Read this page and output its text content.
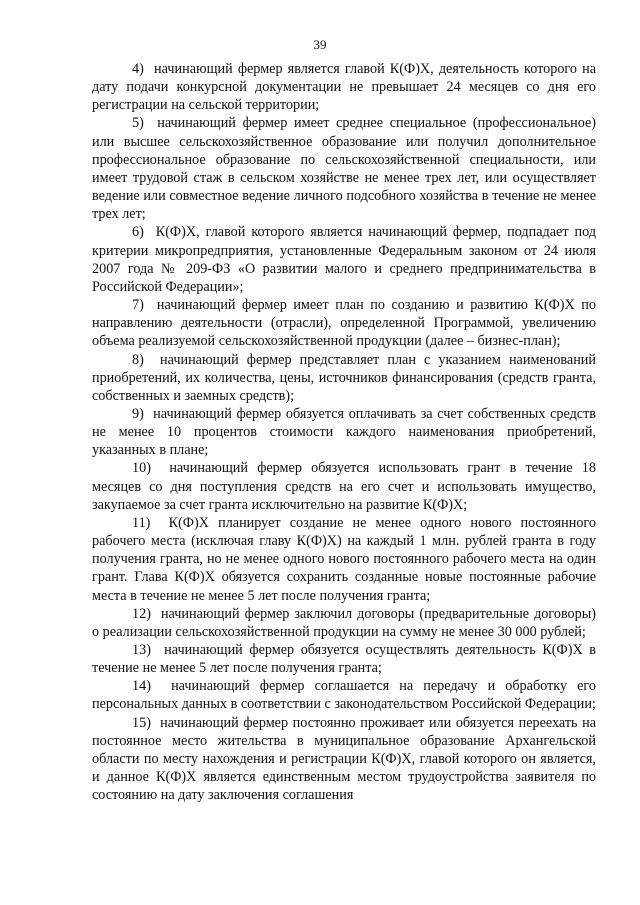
39

4)  начинающий фермер является главой К(Ф)Х, деятельность которого на дату подачи конкурсной документации не превышает 24 месяцев со дня его регистрации на сельской территории;

5)  начинающий фермер имеет среднее специальное (профессиональное) или высшее сельскохозяйственное образование или получил дополнительное профессиональное образование по сельскохозяйственной специальности, или имеет трудовой стаж в сельском хозяйстве не менее трех лет, или осуществляет ведение или совместное ведение личного подсобного хозяйства в течение не менее трех лет;

6)  К(Ф)Х, главой которого является начинающий фермер, подпадает под критерии микропредприятия, установленные Федеральным законом от 24 июля 2007 года № 209-ФЗ «О развитии малого и среднего предпринимательства в Российской Федерации»;

7)  начинающий фермер имеет план по созданию и развитию К(Ф)Х по направлению деятельности (отрасли), определенной Программой, увеличению объема реализуемой сельскохозяйственной продукции (далее – бизнес-план);

8)  начинающий фермер представляет план с указанием наименований приобретений, их количества, цены, источников финансирования (средств гранта, собственных и заемных средств);

9)  начинающий фермер обязуется оплачивать за счет собственных средств не менее 10 процентов стоимости каждого наименования приобретений, указанных в плане;

10)  начинающий фермер обязуется использовать грант в течение 18 месяцев со дня поступления средств на его счет и использовать имущество, закупаемое за счет гранта исключительно на развитие К(Ф)Х;

11)  К(Ф)Х планирует создание не менее одного нового постоянного рабочего места (исключая главу К(Ф)Х) на каждый 1 млн. рублей гранта в году получения гранта, но не менее одного нового постоянного рабочего места на один грант. Глава К(Ф)Х обязуется сохранить созданные новые постоянные рабочие места в течение не менее 5 лет после получения гранта;

12)  начинающий фермер заключил договоры (предварительные договоры) о реализации сельскохозяйственной продукции на сумму не менее 30 000 рублей;

13)  начинающий фермер обязуется осуществлять деятельность К(Ф)Х в течение не менее 5 лет после получения гранта;

14)  начинающий фермер соглашается на передачу и обработку его персональных данных в соответствии с законодательством Российской Федерации;

15)  начинающий фермер постоянно проживает или обязуется переехать на постоянное место жительства в муниципальное образование Архангельской области по месту нахождения и регистрации К(Ф)Х, главой которого он является, и данное К(Ф)Х является единственным местом трудоустройства заявителя по состоянию на дату заключения соглашения
